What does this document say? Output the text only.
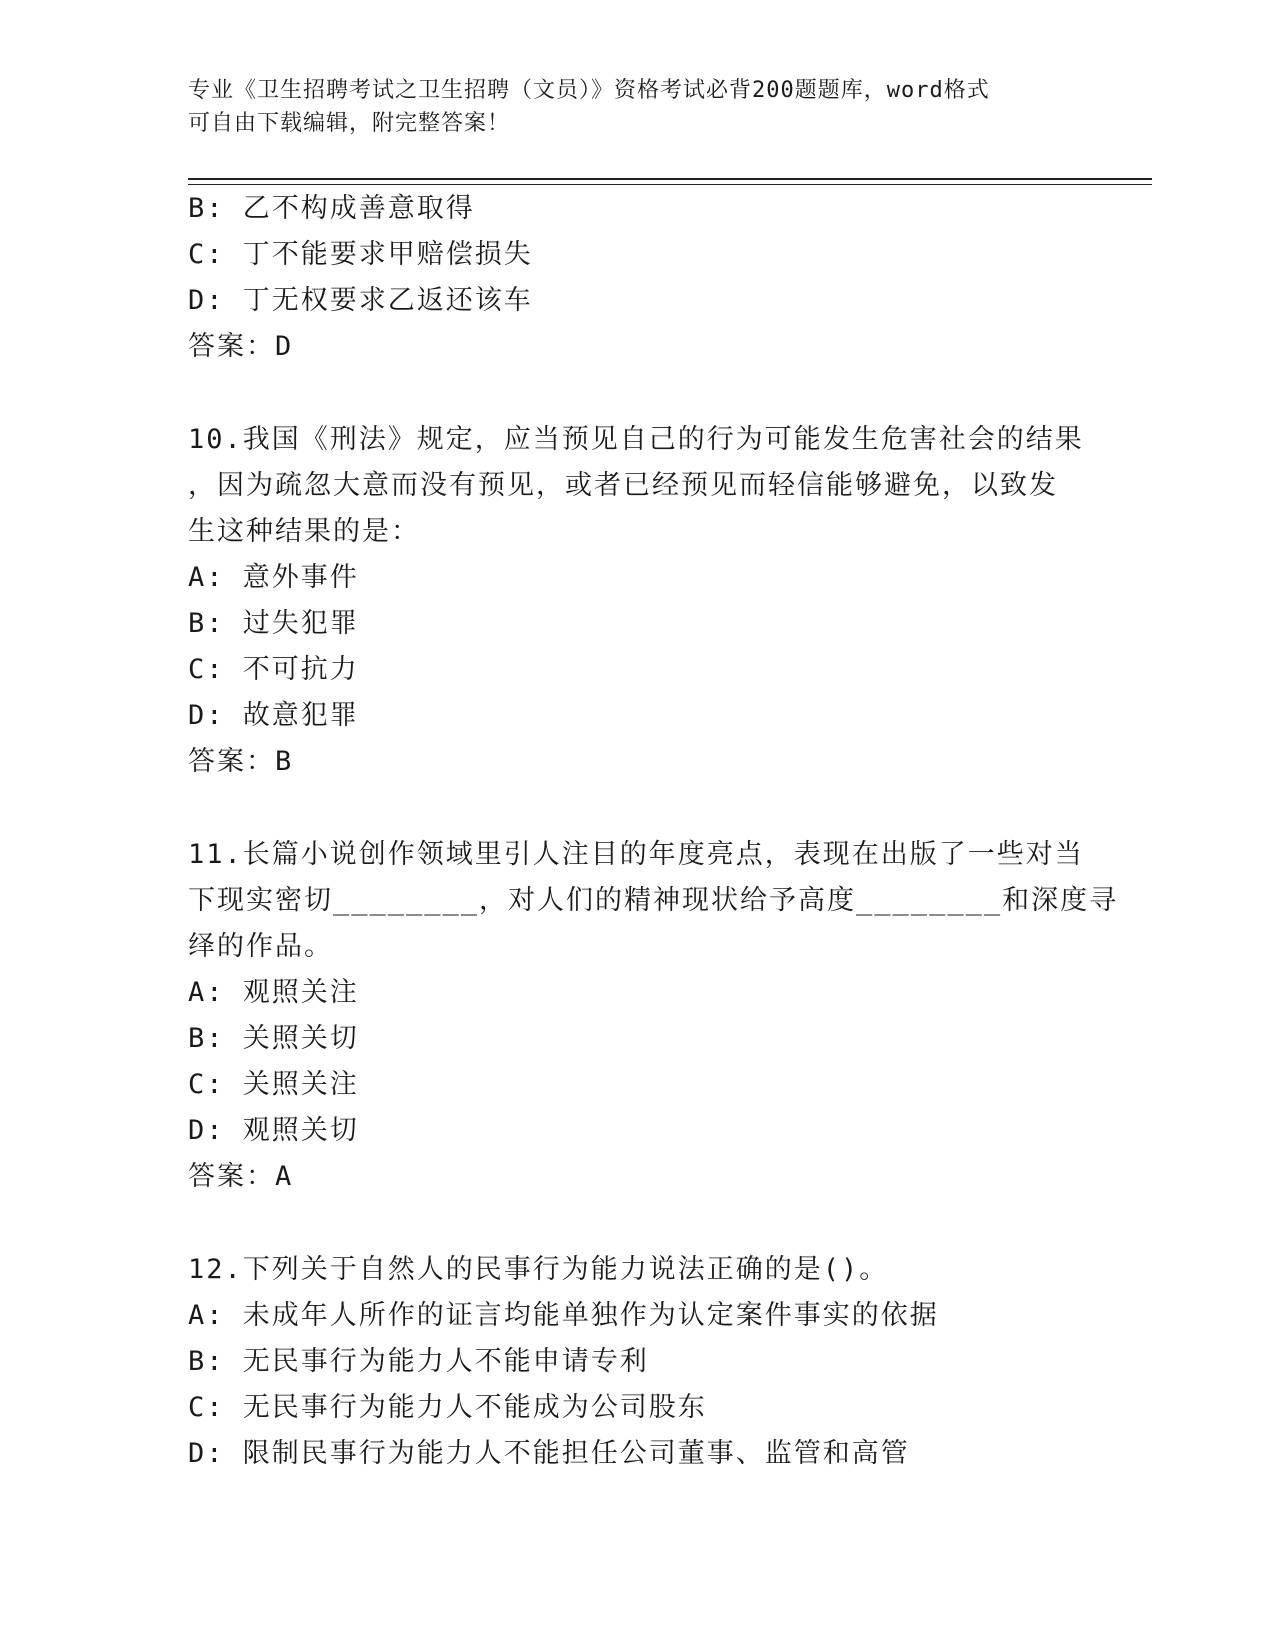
专业《卫生招聘考试之卫生招聘（文员）》资格考试必背200题题库，word格式
可自由下载编辑，附完整答案！
B: 乙不构成善意取得
C: 丁不能要求甲赔偿损失
D: 丁无权要求乙返还该车
答案：D
10.我国《刑法》规定，应当预见自己的行为可能发生危害社会的结果
，因为疏忽大意而没有预见，或者已经预见而轻信能够避免，以致发
生这种结果的是：
A: 意外事件
B: 过失犯罪
C: 不可抗力
D: 故意犯罪
答案：B
11.长篇小说创作领域里引人注目的年度亮点，表现在出版了一些对当
下现实密切________，对人们的精神现状给予高度________和深度寻
绎的作品。
A: 观照关注
B: 关照关切
C: 关照关注
D: 观照关切
答案：A
12.下列关于自然人的民事行为能力说法正确的是()。
A: 未成年人所作的证言均能单独作为认定案件事实的依据
B: 无民事行为能力人不能申请专利
C: 无民事行为能力人不能成为公司股东
D: 限制民事行为能力人不能担任公司董事、监管和高管
